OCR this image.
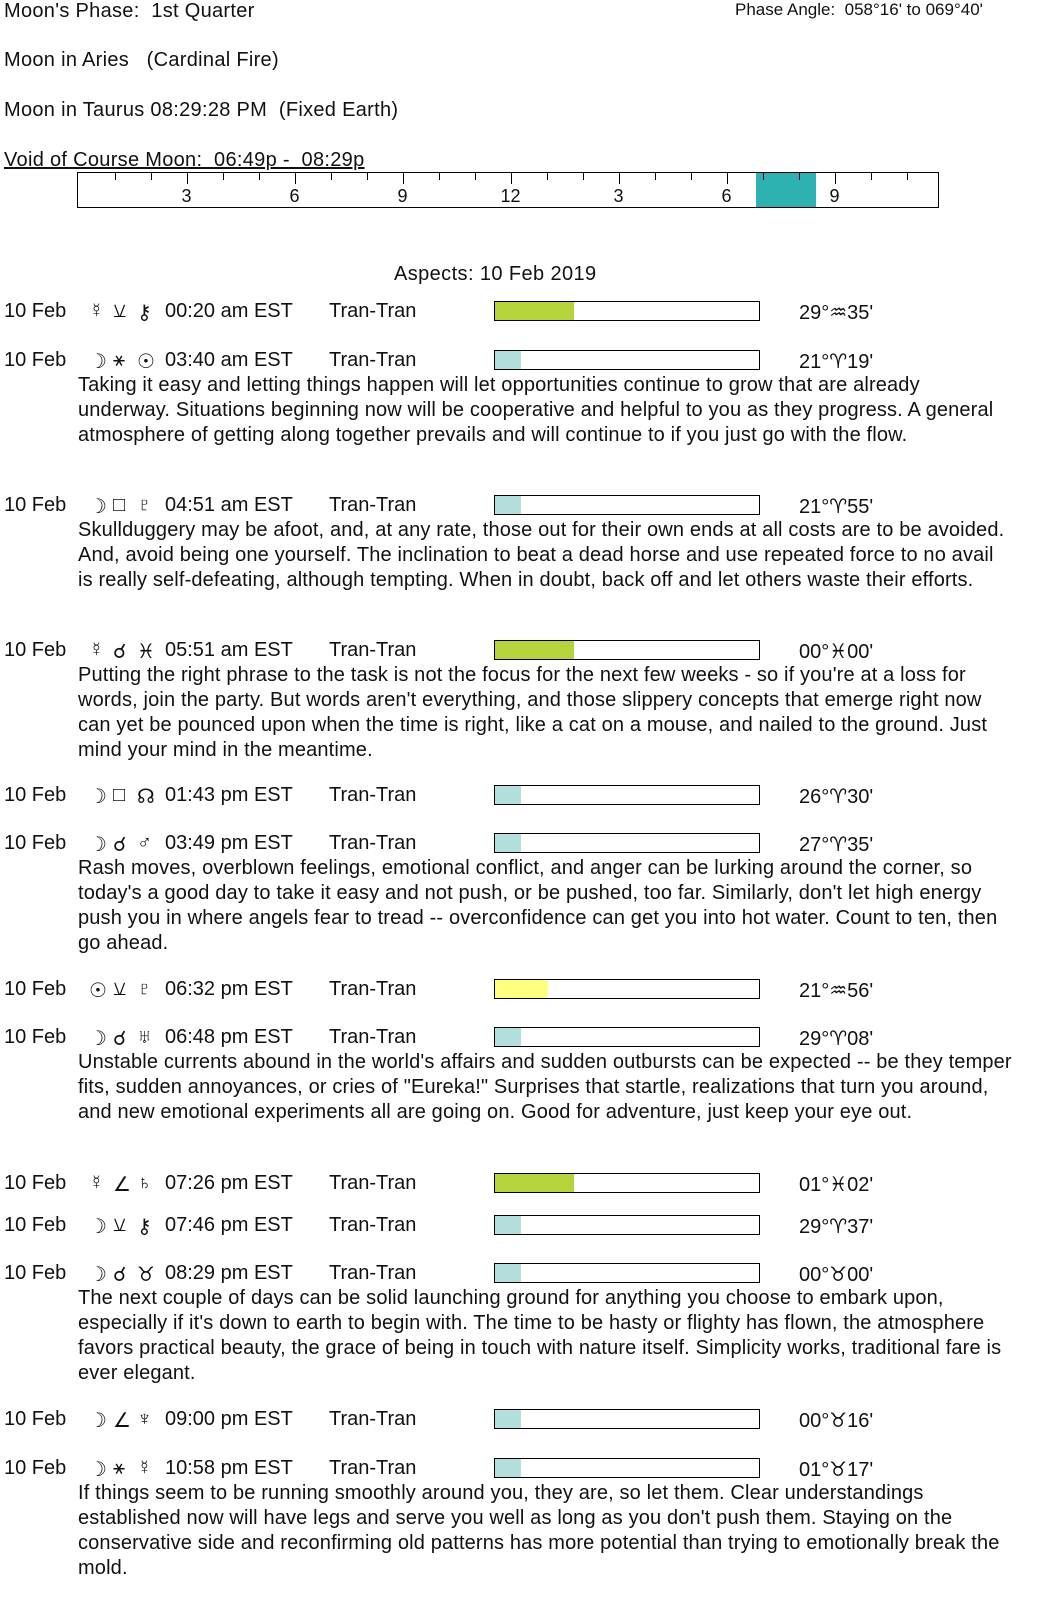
Moon's Phase:  1st Quarter	Phase Angle:  058°16' to 069°40'
Moon in Aries   (Cardinal Fire)
Moon in Taurus 08:29:28 PM  (Fixed Earth)
Void of Course Moon:  06:49p -  08:29p
3	6	9	12	3	6	9
Aspects: 10 Feb 2019
10 Feb ☿ ⚺ ⚷ 00:20 am EST Tran-Tran	29°♒35'
10 Feb ☽ ⚹ ☉ 03:40 am EST Tran-Tran	21°♈19'
Taking it easy and letting things happen will let opportunities continue to grow that are already underway. Situations beginning now will be cooperative and helpful to you as they progress. A general atmosphere of getting along together prevails and will continue to if you just go with the flow.
10 Feb ☽ □ ♇ 04:51 am EST Tran-Tran	21°♈55'
Skullduggery may be afoot, and, at any rate, those out for their own ends at all costs are to be avoided. And, avoid being one yourself. The inclination to beat a dead horse and use repeated force to no avail is really self-defeating, although tempting. When in doubt, back off and let others waste their efforts.
10 Feb ☿ ☌ ♓ 05:51 am EST Tran-Tran	00°♓00'
Putting the right phrase to the task is not the focus for the next few weeks - so if you're at a loss for words, join the party. But words aren't everything, and those slippery concepts that emerge right now can yet be pounced upon when the time is right, like a cat on a mouse, and nailed to the ground. Just mind your mind in the meantime.
10 Feb ☽ □ ☊ 01:43 pm EST Tran-Tran	26°♈30'
10 Feb ☽ ☌ ♂ 03:49 pm EST Tran-Tran	27°♈35'
Rash moves, overblown feelings, emotional conflict, and anger can be lurking around the corner, so today's a good day to take it easy and not push, or be pushed, too far. Similarly, don't let high energy push you in where angels fear to tread -- overconfidence can get you into hot water. Count to ten, then go ahead.
10 Feb ☉ ⚺ ♇ 06:32 pm EST Tran-Tran	21°♒56'
10 Feb ☽ ☌ ♅ 06:48 pm EST Tran-Tran	29°♈08'
Unstable currents abound in the world's affairs and sudden outbursts can be expected -- be they temper fits, sudden annoyances, or cries of "Eureka!" Surprises that startle, realizations that turn you around, and new emotional experiments all are going on. Good for adventure, just keep your eye out.
10 Feb ☿ ∠ ♄ 07:26 pm EST Tran-Tran	01°♓02'
10 Feb ☽ ⚺ ⚷ 07:46 pm EST Tran-Tran	29°♈37'
10 Feb ☽ ☌ ♉ 08:29 pm EST Tran-Tran	00°♉00'
The next couple of days can be solid launching ground for anything you choose to embark upon, especially if it's down to earth to begin with. The time to be hasty or flighty has flown, the atmosphere favors practical beauty, the grace of being in touch with nature itself. Simplicity works, traditional fare is ever elegant.
10 Feb ☽ ∠ ♆ 09:00 pm EST Tran-Tran	00°♉16'
10 Feb ☽ ⚹ ☿ 10:58 pm EST Tran-Tran	01°♉17'
If things seem to be running smoothly around you, they are, so let them. Clear understandings established now will have legs and serve you well as long as you don't push them. Staying on the conservative side and reconfirming old patterns has more potential than trying to emotionally break the mold.
